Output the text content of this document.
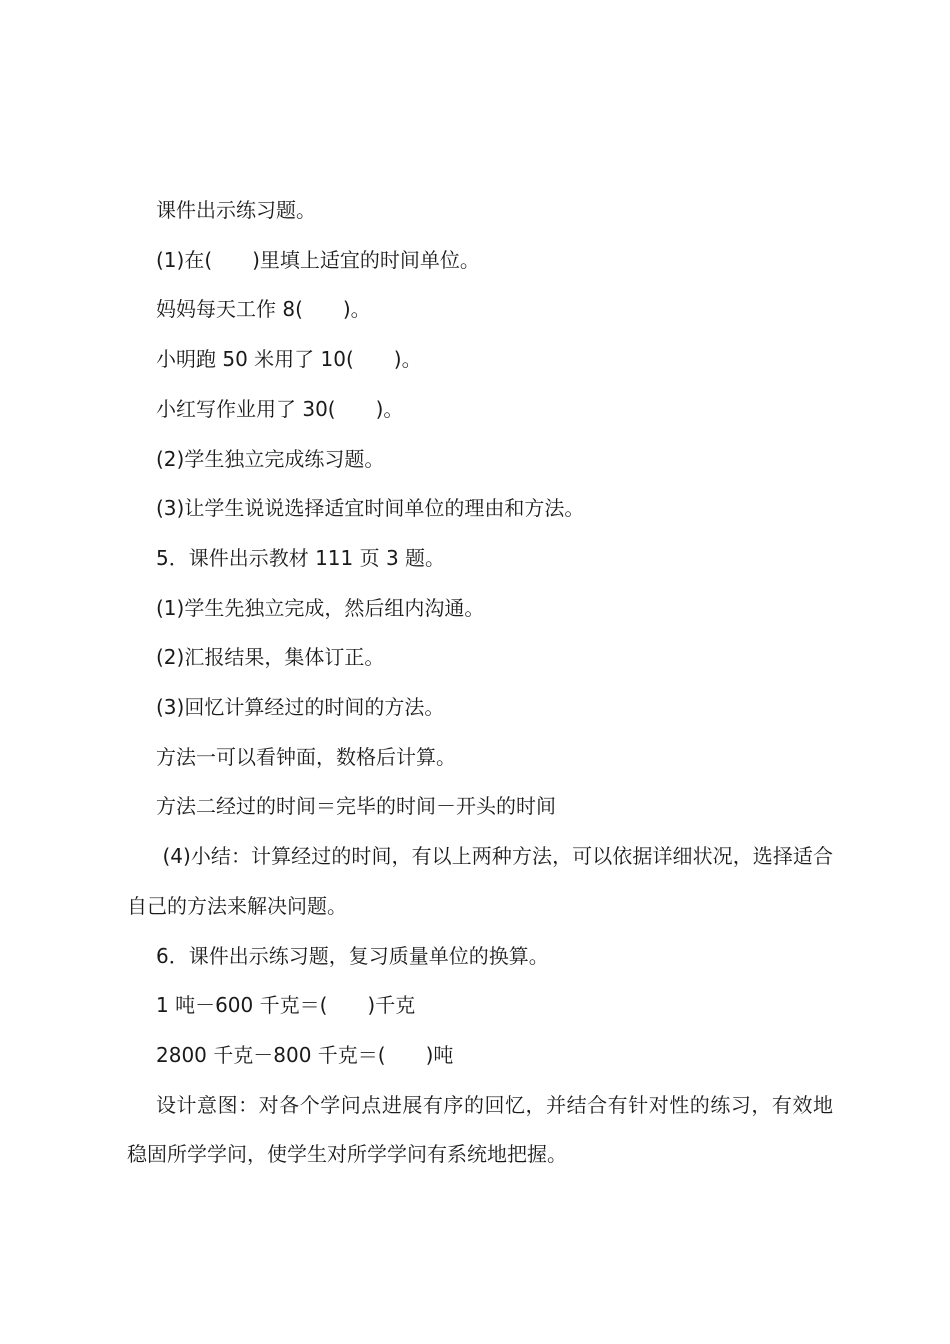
课件出示练习题。

(1)在(　　)里填上适宜的时间单位。

妈妈每天工作 8(　　)。

小明跑 50 米用了 10(　　)。

小红写作业用了 30(　　)。

(2)学生独立完成练习题。

(3)让学生说说选择适宜时间单位的理由和方法。

5．课件出示教材 111 页 3 题。

(1)学生先独立完成，然后组内沟通。

(2)汇报结果，集体订正。

(3)回忆计算经过的时间的方法。

方法一可以看钟面，数格后计算。

方法二经过的时间＝完毕的时间－开头的时间

(4)小结：计算经过的时间，有以上两种方法，可以依据详细状况，选择适合自己的方法来解决问题。

6．课件出示练习题，复习质量单位的换算。

1 吨－600 千克＝(　　)千克

2800 千克－800 千克＝(　　)吨

设计意图：对各个学问点进展有序的回忆，并结合有针对性的练习，有效地稳固所学学问，使学生对所学学问有系统地把握。
